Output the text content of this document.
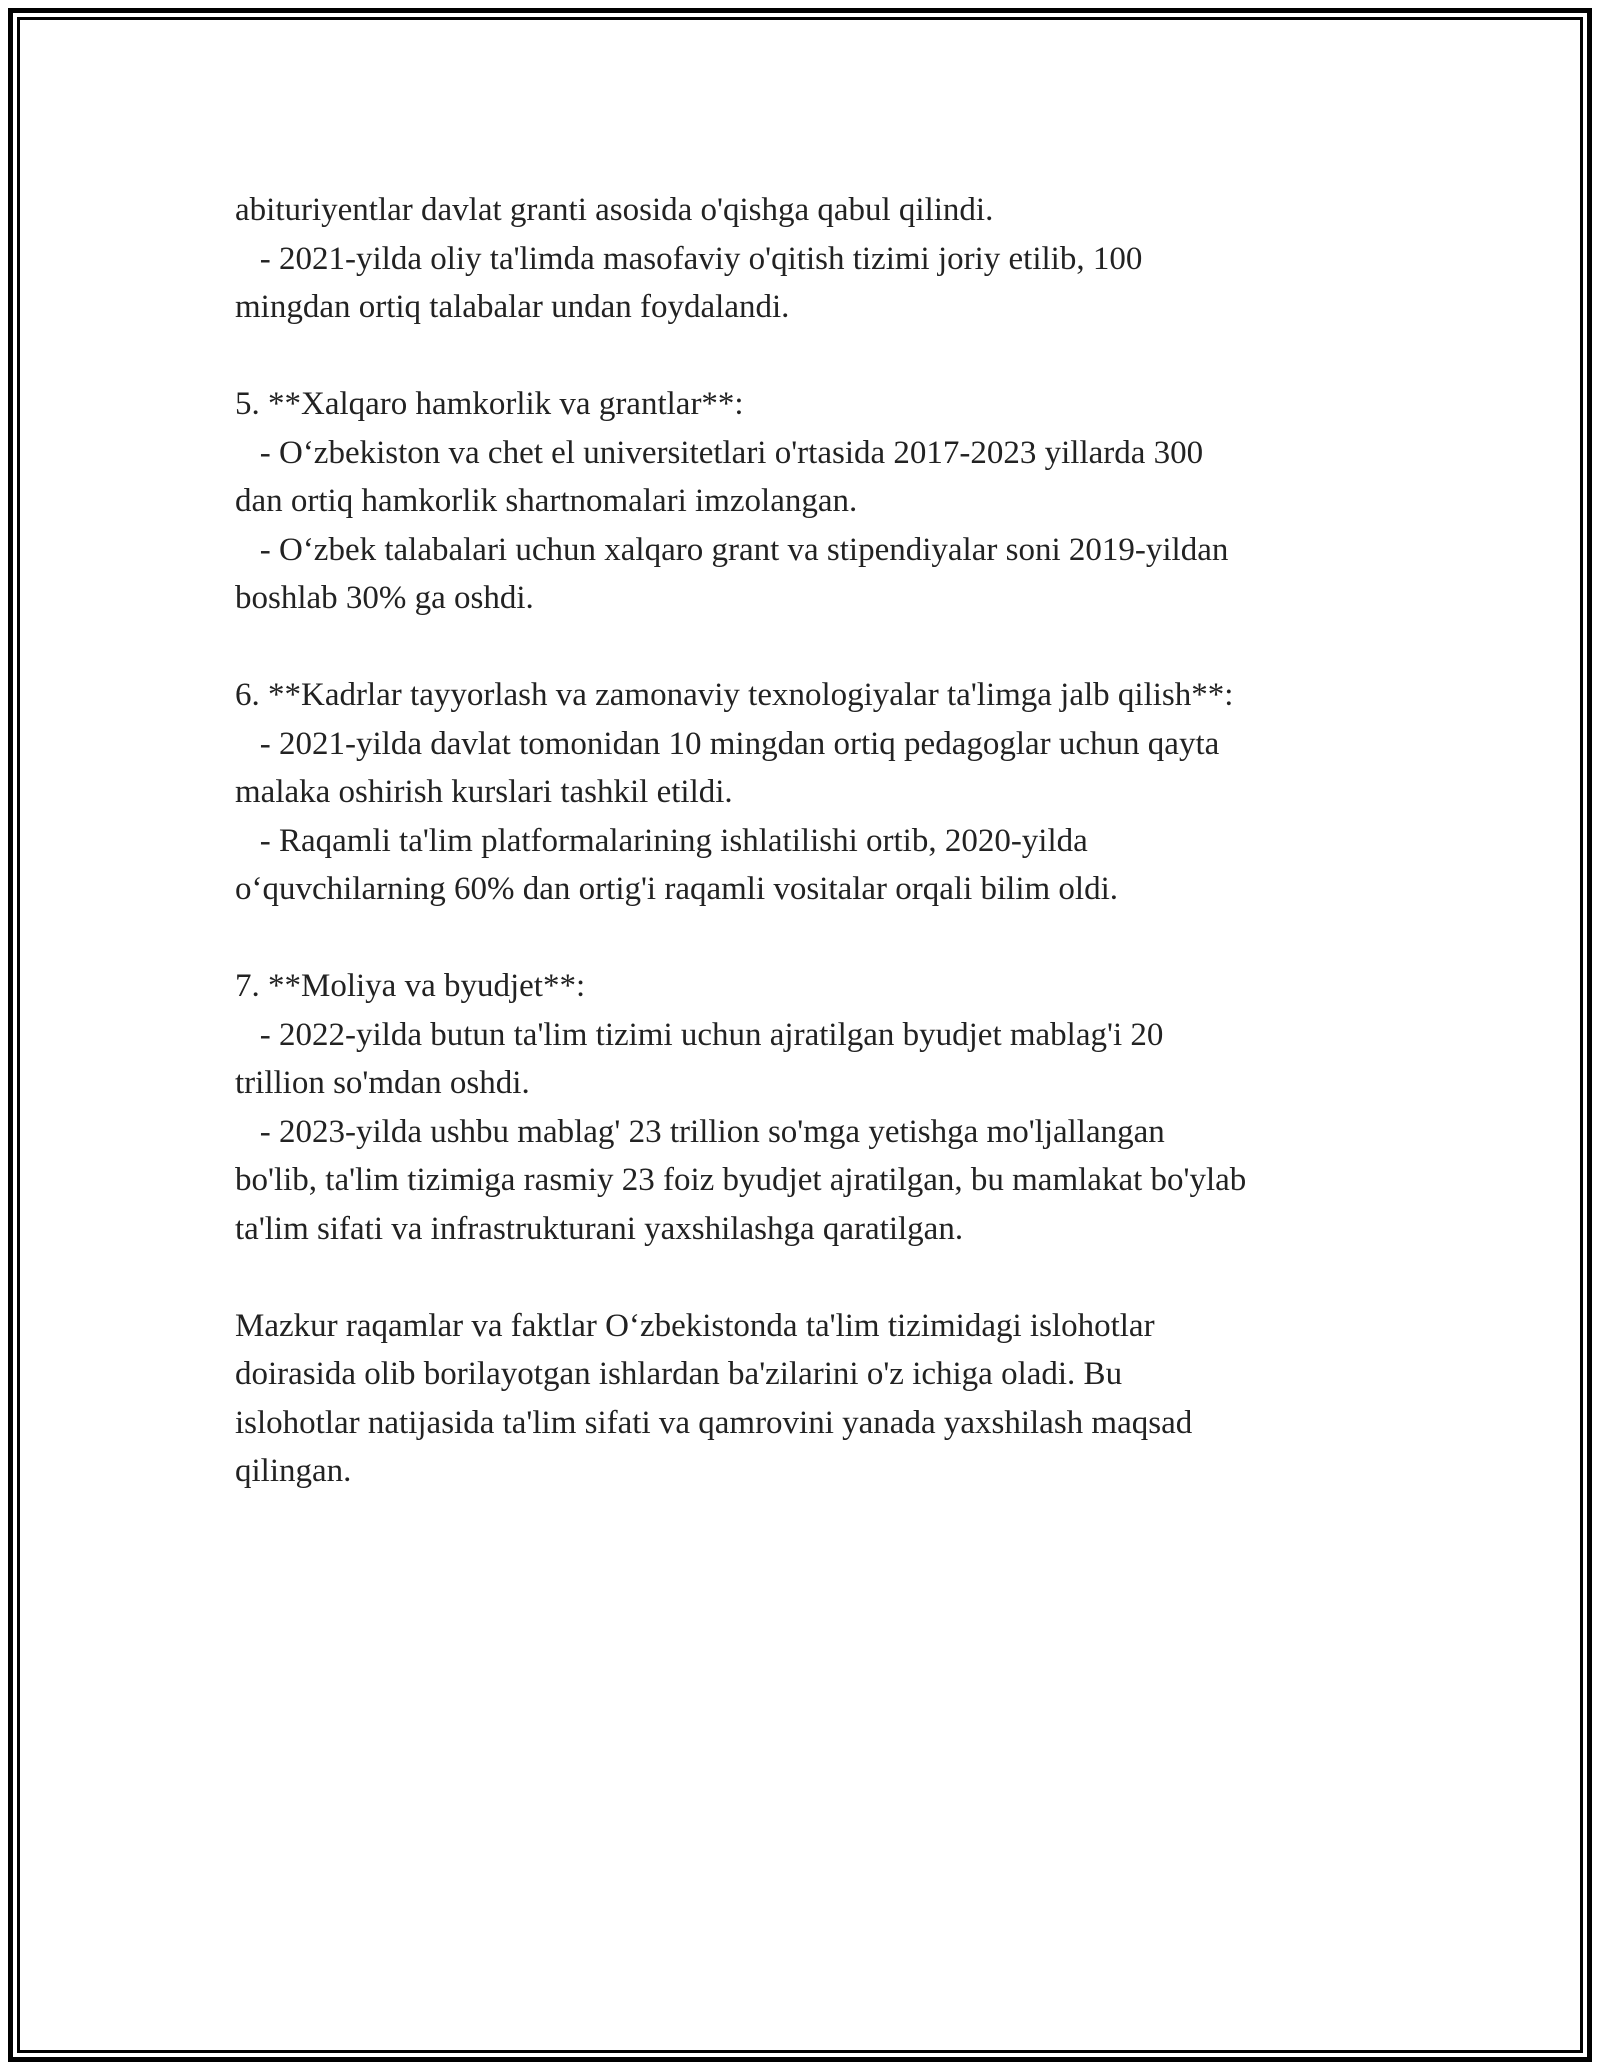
abituriyentlar davlat granti asosida o'qishga qabul qilindi.
- 2021-yilda oliy ta'limda masofaviy o'qitish tizimi joriy etilib, 100
mingdan ortiq talabalar undan foydalandi.
5. **Xalqaro hamkorlik va grantlar**:
- O‘zbekiston va chet el universitetlari o'rtasida 2017-2023 yillarda 300
dan ortiq hamkorlik shartnomalari imzolangan.
- O‘zbek talabalari uchun xalqaro grant va stipendiyalar soni 2019-yildan
boshlab 30% ga oshdi.
6. **Kadrlar tayyorlash va zamonaviy texnologiyalar ta'limga jalb qilish**:
- 2021-yilda davlat tomonidan 10 mingdan ortiq pedagoglar uchun qayta
malaka oshirish kurslari tashkil etildi.
- Raqamli ta'lim platformalarining ishlatilishi ortib, 2020-yilda
o‘quvchilarning 60% dan ortig'i raqamli vositalar orqali bilim oldi.
7. **Moliya va byudjet**:
- 2022-yilda butun ta'lim tizimi uchun ajratilgan byudjet mablag'i 20
trillion so'mdan oshdi.
- 2023-yilda ushbu mablag' 23 trillion so'mga yetishga mo'ljallangan
bo'lib, ta'lim tizimiga rasmiy 23 foiz byudjet ajratilgan, bu mamlakat bo'ylab
ta'lim sifati va infrastrukturani yaxshilashga qaratilgan.
Mazkur raqamlar va faktlar O‘zbekistonda ta'lim tizimidagi islohotlar
doirasida olib borilayotgan ishlardan ba'zilarini o'z ichiga oladi. Bu
islohotlar natijasida ta'lim sifati va qamrovini yanada yaxshilash maqsad
qilingan.
